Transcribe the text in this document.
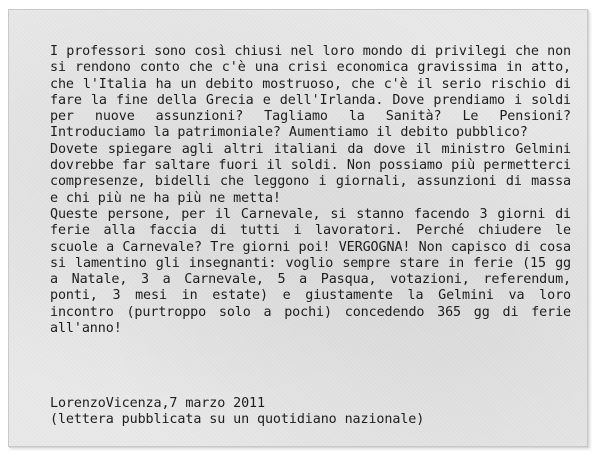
I professori sono così chiusi nel loro mondo di privilegi che non si rendono conto che c'è una crisi economica gravissima in atto, che l'Italia ha un debito mostruoso, che c'è il serio rischio di fare la fine della Grecia e dell'Irlanda. Dove prendiamo i soldi per nuove assunzioni? Tagliamo la Sanità? Le Pensioni? Introduciamo la patrimoniale? Aumentiamo il debito pubblico?

Dovete spiegare agli altri italiani da dove il ministro Gelmini dovrebbe far saltare fuori il soldi. Non possiamo più permetterci compresenze, bidelli che leggono i giornali, assunzioni di massa e chi più ne ha più ne metta!

Queste persone, per il Carnevale, si stanno facendo 3 giorni di ferie alla faccia di tutti i lavoratori. Perché chiudere le scuole a Carnevale? Tre giorni poi! VERGOGNA! Non capisco di cosa si lamentino gli insegnanti: voglio sempre stare in ferie (15 gg a Natale, 3 a Carnevale, 5 a Pasqua, votazioni, referendum, ponti, 3 mesi in estate) e giustamente la Gelmini va loro incontro (purtroppo solo a pochi) concedendo 365 gg di ferie all'anno!

LorenzoVicenza,7 marzo 2011
(lettera pubblicata su un quotidiano nazionale)
